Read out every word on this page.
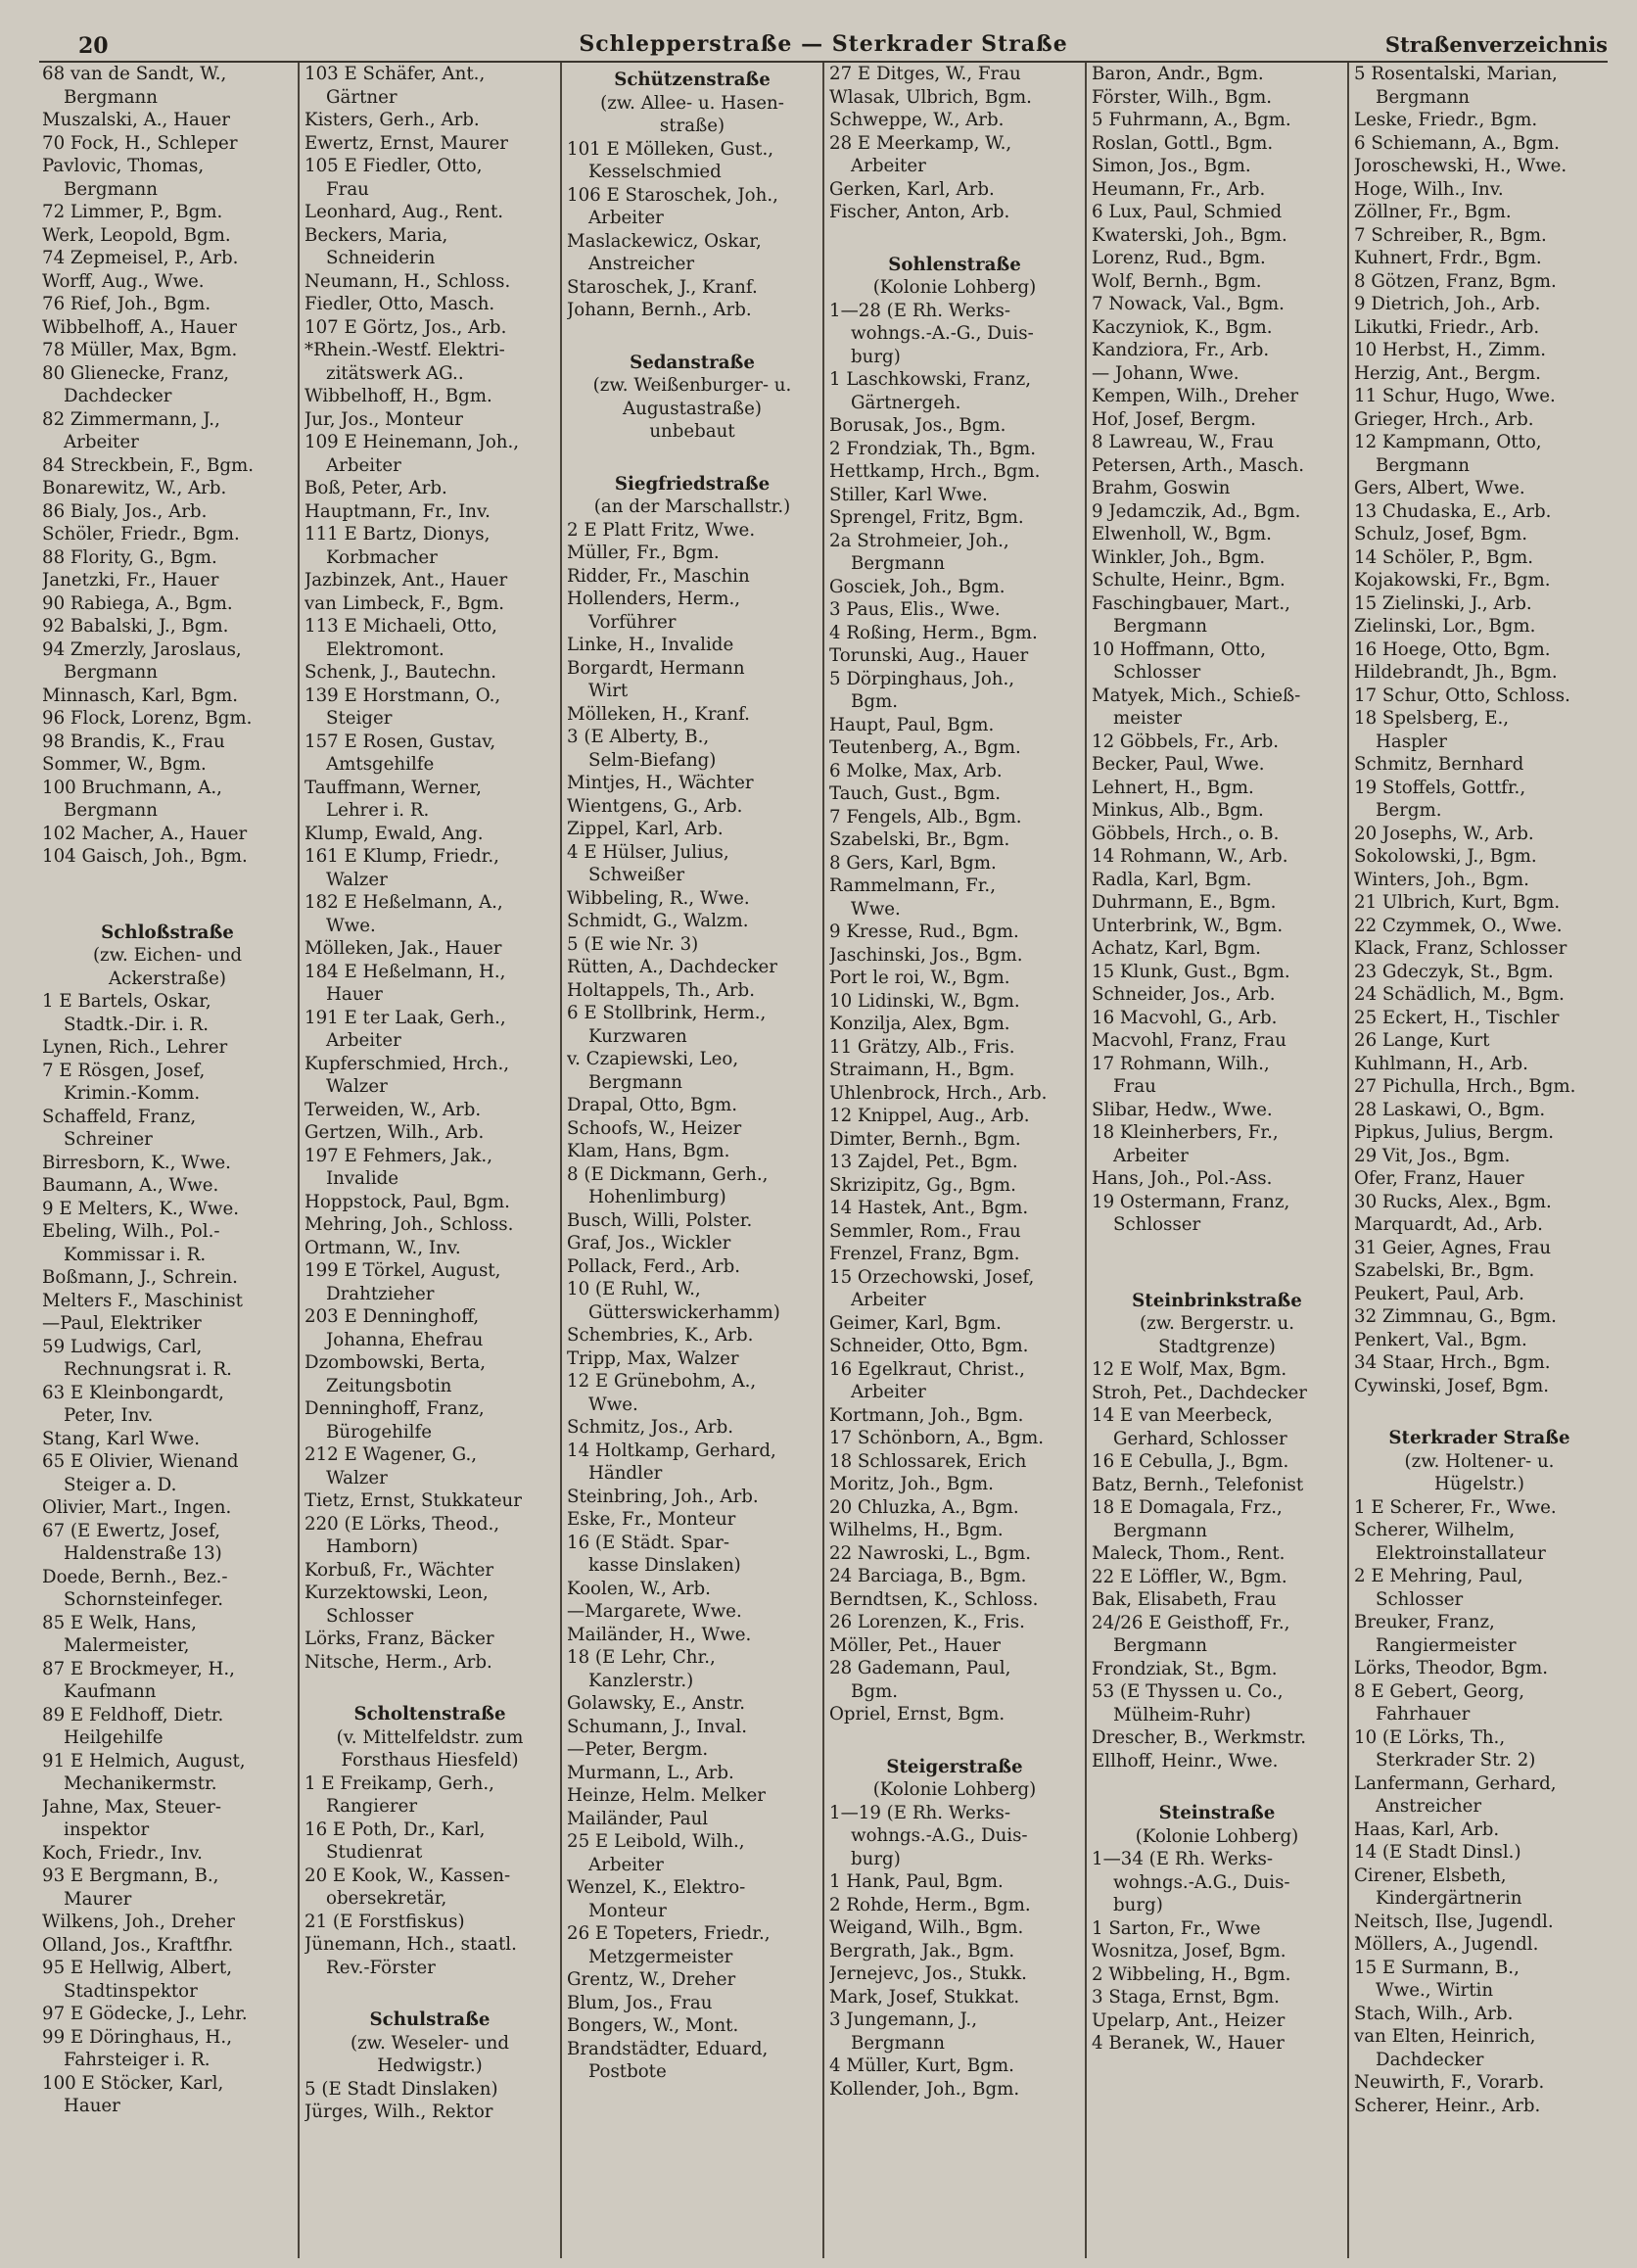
20	Schlepperstraße — Sterkrader Straße	Straßenverzeichnis
68 van de Sandt, W.,
Bergmann
Muszalski, A., Hauer
70 Fock, H., Schleper
Pavlovic, Thomas,
Bergmann
72 Limmer, P., Bgm.
Werk, Leopold, Bgm.
74 Zepmeisel, P., Arb.
Worff, Aug., Wwe.
76 Rief, Joh., Bgm.
Wibbelhoff, A., Hauer
78 Müller, Max, Bgm.
80 Glienecke, Franz,
Dachdecker
82 Zimmermann, J.,
Arbeiter
84 Streckbein, F., Bgm.
Bonarewitz, W., Arb.
86 Bialy, Jos., Arb.
Schöler, Friedr., Bgm.
88 Flority, G., Bgm.
Janetzki, Fr., Hauer
90 Rabiega, A., Bgm.
92 Babalski, J., Bgm.
94 Zmerzly, Jaroslaus,
Bergmann
Minnasch, Karl, Bgm.
96 Flock, Lorenz, Bgm.
98 Brandis, K., Frau
Sommer, W., Bgm.
100 Bruchmann, A.,
Bergmann
102 Macher, A., Hauer
104 Gaisch, Joh., Bgm.
Schloßstraße
(zw. Eichen- und
Ackerstraße)
1 E Bartels, Oskar,
Stadtk.-Dir. i. R.
Lynen, Rich., Lehrer
7 E Rösgen, Josef,
Krimin.-Komm.
Schaffeld, Franz,
Schreiner
Birresborn, K., Wwe.
Baumann, A., Wwe.
9 E Melters, K., Wwe.
Ebeling, Wilh., Pol.-
Kommissar i. R.
Boßmann, J., Schrein.
Melters F., Maschinist
—Paul, Elektriker
59 Ludwigs, Carl,
Rechnungsrat i. R.
63 E Kleinbongardt,
Peter, Inv.
Stang, Karl Wwe.
65 E Olivier, Wienand
Steiger a. D.
Olivier, Mart., Ingen.
67 (E Ewertz, Josef,
Haldenstraße 13)
Doede, Bernh., Bez.-
Schornsteinfeger.
85 E Welk, Hans,
Malermeister,
87 E Brockmeyer, H.,
Kaufmann
89 E Feldhoff, Dietr.
Heilgehilfe
91 E Helmich, August,
Mechanikermstr.
Jahne, Max, Steuer-
inspektor
Koch, Friedr., Inv.
93 E Bergmann, B.,
Maurer
Wilkens, Joh., Dreher
Olland, Jos., Kraftfhr.
95 E Hellwig, Albert,
Stadtinspektor
97 E Gödecke, J., Lehr.
99 E Döringhaus, H.,
Fahrsteiger i. R.
100 E Stöcker, Karl,
Hauer
103 E Schäfer, Ant.,
Gärtner
Kisters, Gerh., Arb.
Ewertz, Ernst, Maurer
105 E Fiedler, Otto,
Frau
Leonhard, Aug., Rent.
Beckers, Maria,
Schneiderin
Neumann, H., Schloss.
Fiedler, Otto, Masch.
107 E Görtz, Jos., Arb.
*Rhein.-Westf. Elektri-
zitätswerk AG..
Wibbelhoff, H., Bgm.
Jur, Jos., Monteur
109 E Heinemann, Joh.,
Arbeiter
Boß, Peter, Arb.
Hauptmann, Fr., Inv.
111 E Bartz, Dionys,
Korbmacher
Jazbinzek, Ant., Hauer
van Limbeck, F., Bgm.
113 E Michaeli, Otto,
Elektromont.
Schenk, J., Bautechn.
139 E Horstmann, O.,
Steiger
157 E Rosen, Gustav,
Amtsgehilfe
Tauffmann, Werner,
Lehrer i. R.
Klump, Ewald, Ang.
161 E Klump, Friedr.,
Walzer
182 E Heßelmann, A.,
Wwe.
Mölleken, Jak., Hauer
184 E Heßelmann, H.,
Hauer
191 E ter Laak, Gerh.,
Arbeiter
Kupferschmied, Hrch.,
Walzer
Terweiden, W., Arb.
Gertzen, Wilh., Arb.
197 E Fehmers, Jak.,
Invalide
Hoppstock, Paul, Bgm.
Mehring, Joh., Schloss.
Ortmann, W., Inv.
199 E Törkel, August,
Drahtzieher
203 E Denninghoff,
Johanna, Ehefrau
Dzombowski, Berta,
Zeitungsbotin
Denninghoff, Franz,
Bürogehilfe
212 E Wagener, G.,
Walzer
Tietz, Ernst, Stukkateur
220 (E Lörks, Theod.,
Hamborn)
Korbuß, Fr., Wächter
Kurzektowski, Leon,
Schlosser
Lörks, Franz, Bäcker
Nitsche, Herm., Arb.
Scholtenstraße
(v. Mittelfeldstr. zum
Forsthaus Hiesfeld)
1 E Freikamp, Gerh.,
Rangierer
16 E Poth, Dr., Karl,
Studienrat
20 E Kook, W., Kassen-
obersekretär,
21 (E Forstfiskus)
Jünemann, Hch., staatl.
Rev.-Förster
Schulstraße
(zw. Weseler- und
Hedwigstr.)
5 (E Stadt Dinslaken)
Jürges, Wilh., Rektor
Schützenstraße
(zw. Allee- u. Hasen-
straße)
101 E Mölleken, Gust.,
Kesselschmied
106 E Staroschek, Joh.,
Arbeiter
Maslackewicz, Oskar,
Anstreicher
Staroschek, J., Kranf.
Johann, Bernh., Arb.
Sedanstraße
(zw. Weißenburger- u.
Augustastraße)
unbebaut
Siegfriedstraße
(an der Marschallstr.)
2 E Platt Fritz, Wwe.
Müller, Fr., Bgm.
Ridder, Fr., Maschin
Hollenders, Herm.,
Vorführer
Linke, H., Invalide
Borgardt, Hermann
Wirt
Mölleken, H., Kranf.
3 (E Alberty, B.,
Selm-Biefang)
Mintjes, H., Wächter
Wientgens, G., Arb.
Zippel, Karl, Arb.
4 E Hülser, Julius,
Schweißer
Wibbeling, R., Wwe.
Schmidt, G., Walzm.
5 (E wie Nr. 3)
Rütten, A., Dachdecker
Holtappels, Th., Arb.
6 E Stollbrink, Herm.,
Kurzwaren
v. Czapiewski, Leo,
Bergmann
Drapal, Otto, Bgm.
Schoofs, W., Heizer
Klam, Hans, Bgm.
8 (E Dickmann, Gerh.,
Hohenlimburg)
Busch, Willi, Polster.
Graf, Jos., Wickler
Pollack, Ferd., Arb.
10 (E Ruhl, W.,
Gütterswickerhamm)
Schembries, K., Arb.
Tripp, Max, Walzer
12 E Grünebohm, A.,
Wwe.
Schmitz, Jos., Arb.
14 Holtkamp, Gerhard,
Händler
Steinbring, Joh., Arb.
Eske, Fr., Monteur
16 (E Städt. Spar-
kasse Dinslaken)
Koolen, W., Arb.
—Margarete, Wwe.
Mailänder, H., Wwe.
18 (E Lehr, Chr.,
Kanzlerstr.)
Golawsky, E., Anstr.
Schumann, J., Inval.
—Peter, Bergm.
Murmann, L., Arb.
Heinze, Helm. Melker
Mailänder, Paul
25 E Leibold, Wilh.,
Arbeiter
Wenzel, K., Elektro-
Monteur
26 E Topeters, Friedr.,
Metzgermeister
Grentz, W., Dreher
Blum, Jos., Frau
Bongers, W., Mont.
Brandstädter, Eduard,
Postbote
27 E Ditges, W., Frau
Wlasak, Ulbrich, Bgm.
Schweppe, W., Arb.
28 E Meerkamp, W.,
Arbeiter
Gerken, Karl, Arb.
Fischer, Anton, Arb.
Sohlenstraße
(Kolonie Lohberg)
1—28 (E Rh. Werks-
wohngs.-A.-G., Duis-
burg)
1 Laschkowski, Franz,
Gärtnergeh.
Borusak, Jos., Bgm.
2 Frondziak, Th., Bgm.
Hettkamp, Hrch., Bgm.
Stiller, Karl Wwe.
Sprengel, Fritz, Bgm.
2a Strohmeier, Joh.,
Bergmann
Gosciek, Joh., Bgm.
3 Paus, Elis., Wwe.
4 Roßing, Herm., Bgm.
Torunski, Aug., Hauer
5 Dörpinghaus, Joh.,
Bgm.
Haupt, Paul, Bgm.
Teutenberg, A., Bgm.
6 Molke, Max, Arb.
Tauch, Gust., Bgm.
7 Fengels, Alb., Bgm.
Szabelski, Br., Bgm.
8 Gers, Karl, Bgm.
Rammelmann, Fr.,
Wwe.
9 Kresse, Rud., Bgm.
Jaschinski, Jos., Bgm.
Port le roi, W., Bgm.
10 Lidinski, W., Bgm.
Konzilja, Alex, Bgm.
11 Grätzy, Alb., Fris.
Straimann, H., Bgm.
Uhlenbrock, Hrch., Arb.
12 Knippel, Aug., Arb.
Dimter, Bernh., Bgm.
13 Zajdel, Pet., Bgm.
Skrizipitz, Gg., Bgm.
14 Hastek, Ant., Bgm.
Semmler, Rom., Frau
Frenzel, Franz, Bgm.
15 Orzechowski, Josef,
Arbeiter
Geimer, Karl, Bgm.
Schneider, Otto, Bgm.
16 Egelkraut, Christ.,
Arbeiter
Kortmann, Joh., Bgm.
17 Schönborn, A., Bgm.
18 Schlossarek, Erich
Moritz, Joh., Bgm.
20 Chluzka, A., Bgm.
Wilhelms, H., Bgm.
22 Nawroski, L., Bgm.
24 Barciaga, B., Bgm.
Berndtsen, K., Schloss.
26 Lorenzen, K., Fris.
Möller, Pet., Hauer
28 Gademann, Paul,
Bgm.
Opriel, Ernst, Bgm.
Steigerstraße
(Kolonie Lohberg)
1—19 (E Rh. Werks-
wohngs.-A.G., Duis-
burg)
1 Hank, Paul, Bgm.
2 Rohde, Herm., Bgm.
Weigand, Wilh., Bgm.
Bergrath, Jak., Bgm.
Jernejevc, Jos., Stukk.
Mark, Josef, Stukkat.
3 Jungemann, J.,
Bergmann
4 Müller, Kurt, Bgm.
Kollender, Joh., Bgm.
Baron, Andr., Bgm.
Förster, Wilh., Bgm.
5 Fuhrmann, A., Bgm.
Roslan, Gottl., Bgm.
Simon, Jos., Bgm.
Heumann, Fr., Arb.
6 Lux, Paul, Schmied
Kwaterski, Joh., Bgm.
Lorenz, Rud., Bgm.
Wolf, Bernh., Bgm.
7 Nowack, Val., Bgm.
Kaczyniok, K., Bgm.
Kandziora, Fr., Arb.
— Johann, Wwe.
Kempen, Wilh., Dreher
Hof, Josef, Bergm.
8 Lawreau, W., Frau
Petersen, Arth., Masch.
Brahm, Goswin
9 Jedamczik, Ad., Bgm.
Elwenholl, W., Bgm.
Winkler, Joh., Bgm.
Schulte, Heinr., Bgm.
Faschingbauer, Mart.,
Bergmann
10 Hoffmann, Otto,
Schlosser
Matyek, Mich., Schieß-
meister
12 Göbbels, Fr., Arb.
Becker, Paul, Wwe.
Lehnert, H., Bgm.
Minkus, Alb., Bgm.
Göbbels, Hrch., o. B.
14 Rohmann, W., Arb.
Radla, Karl, Bgm.
Duhrmann, E., Bgm.
Unterbrink, W., Bgm.
Achatz, Karl, Bgm.
15 Klunk, Gust., Bgm.
Schneider, Jos., Arb.
16 Macvohl, G., Arb.
Macvohl, Franz, Frau
17 Rohmann, Wilh.,
Frau
Slibar, Hedw., Wwe.
18 Kleinherbers, Fr.,
Arbeiter
Hans, Joh., Pol.-Ass.
19 Ostermann, Franz,
Schlosser
Steinbrinkstraße
(zw. Bergerstr. u.
Stadtgrenze)
12 E Wolf, Max, Bgm.
Stroh, Pet., Dachdecker
14 E van Meerbeck,
Gerhard, Schlosser
16 E Cebulla, J., Bgm.
Batz, Bernh., Telefonist
18 E Domagala, Frz.,
Bergmann
Maleck, Thom., Rent.
22 E Löffler, W., Bgm.
Bak, Elisabeth, Frau
24/26 E Geisthoff, Fr.,
Bergmann
Frondziak, St., Bgm.
53 (E Thyssen u. Co.,
Mülheim-Ruhr)
Drescher, B., Werkmstr.
Ellhoff, Heinr., Wwe.
Steinstraße
(Kolonie Lohberg)
1—34 (E Rh. Werks-
wohngs.-A.G., Duis-
burg)
1 Sarton, Fr., Wwe
Wosnitza, Josef, Bgm.
2 Wibbeling, H., Bgm.
3 Staga, Ernst, Bgm.
Upelarp, Ant., Heizer
4 Beranek, W., Hauer
5 Rosentalski, Marian,
Bergmann
Leske, Friedr., Bgm.
6 Schiemann, A., Bgm.
Joroschewski, H., Wwe.
Hoge, Wilh., Inv.
Zöllner, Fr., Bgm.
7 Schreiber, R., Bgm.
Kuhnert, Frdr., Bgm.
8 Götzen, Franz, Bgm.
9 Dietrich, Joh., Arb.
Likutki, Friedr., Arb.
10 Herbst, H., Zimm.
Herzig, Ant., Bergm.
11 Schur, Hugo, Wwe.
Grieger, Hrch., Arb.
12 Kampmann, Otto,
Bergmann
Gers, Albert, Wwe.
13 Chudaska, E., Arb.
Schulz, Josef, Bgm.
14 Schöler, P., Bgm.
Kojakowski, Fr., Bgm.
15 Zielinski, J., Arb.
Zielinski, Lor., Bgm.
16 Hoege, Otto, Bgm.
Hildebrandt, Jh., Bgm.
17 Schur, Otto, Schloss.
18 Spelsberg, E.,
Haspler
Schmitz, Bernhard
19 Stoffels, Gottfr.,
Bergm.
20 Josephs, W., Arb.
Sokolowski, J., Bgm.
Winters, Joh., Bgm.
21 Ulbrich, Kurt, Bgm.
22 Czymmek, O., Wwe.
Klack, Franz, Schlosser
23 Gdeczyk, St., Bgm.
24 Schädlich, M., Bgm.
25 Eckert, H., Tischler
26 Lange, Kurt
Kuhlmann, H., Arb.
27 Pichulla, Hrch., Bgm.
28 Laskawi, O., Bgm.
Pipkus, Julius, Bergm.
29 Vit, Jos., Bgm.
Ofer, Franz, Hauer
30 Rucks, Alex., Bgm.
Marquardt, Ad., Arb.
31 Geier, Agnes, Frau
Szabelski, Br., Bgm.
Peukert, Paul, Arb.
32 Zimmnau, G., Bgm.
Penkert, Val., Bgm.
34 Staar, Hrch., Bgm.
Cywinski, Josef, Bgm.
Sterkrader Straße
(zw. Holtener- u.
Hügelstr.)
1 E Scherer, Fr., Wwe.
Scherer, Wilhelm,
Elektroinstallateur
2 E Mehring, Paul,
Schlosser
Breuker, Franz,
Rangiermeister
Lörks, Theodor, Bgm.
8 E Gebert, Georg,
Fahrhauer
10 (E Lörks, Th.,
Sterkrader Str. 2)
Lanfermann, Gerhard,
Anstreicher
Haas, Karl, Arb.
14 (E Stadt Dinsl.)
Cirener, Elsbeth,
Kindergärtnerin
Neitsch, Ilse, Jugendl.
Möllers, A., Jugendl.
15 E Surmann, B.,
Wwe., Wirtin
Stach, Wilh., Arb.
van Elten, Heinrich,
Dachdecker
Neuwirth, F., Vorarb.
Scherer, Heinr., Arb.
